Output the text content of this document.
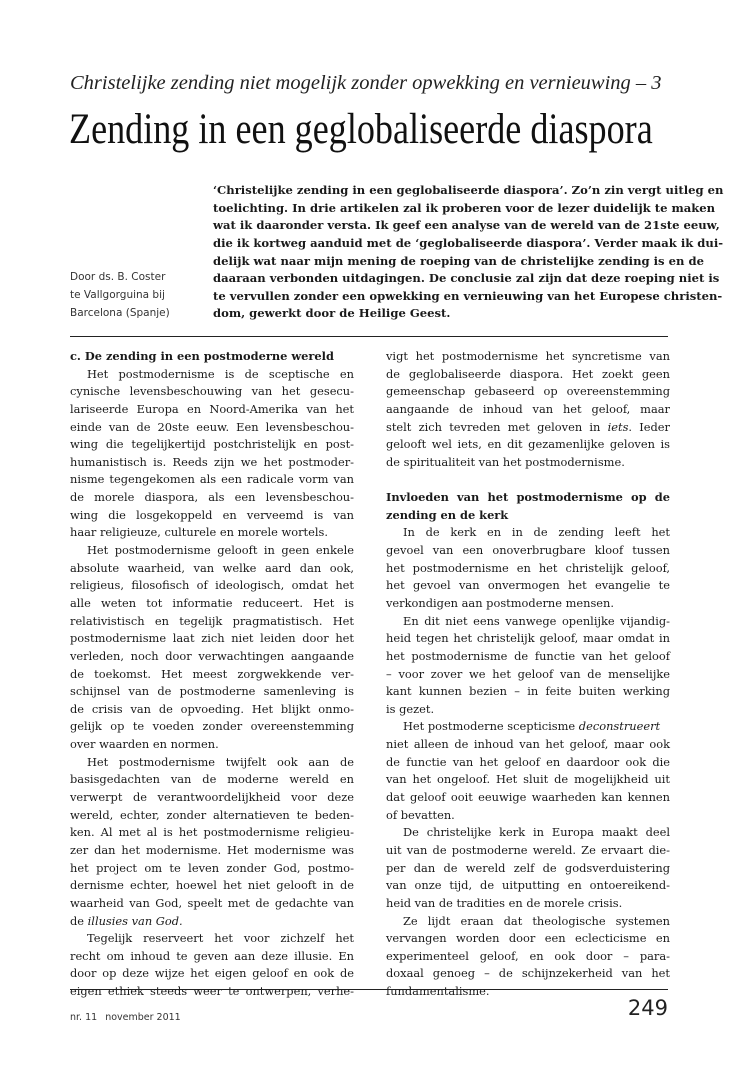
Christelijke zending niet mogelijk zonder opwekking en vernieuwing – 3
Zending in een geglobaliseerde diaspora
Door ds. B. Coster
te Vallgorguina bij
Barcelona (Spanje)
‘Christelijke zending in een geglobaliseerde diaspora’. Zo’n zin vergt uitleg en
toelichting. In drie artikelen zal ik proberen voor de lezer duidelijk te maken
wat ik daaronder versta. Ik geef een analyse van de wereld van de 21ste eeuw,
die ik kortweg aanduid met de ‘geglobaliseerde diaspora’. Verder maak ik dui-
delijk wat naar mijn mening de roeping van de christelijke zending is en de
daaraan verbonden uitdagingen. De conclusie zal zijn dat deze roeping niet is
te vervullen zonder een opwekking en vernieuwing van het Europese christen-
dom, gewerkt door de Heilige Geest.
c. De zending in een postmoderne wereld
Het postmodernisme is de sceptische en
cynische levensbeschouwing van het gesecu-
lariseerde Europa en Noord-Amerika van het
einde van de 20ste eeuw. Een levensbeschou-
wing die tegelijkertijd postchristelijk en post-
humanistisch is. Reeds zijn we het postmoder-
nisme tegengekomen als een radicale vorm van
de morele diaspora, als een levensbeschou-
wing die losgekoppeld en verveemd is van
haar religieuze, culturele en morele wortels.
Het postmodernisme gelooft in geen enkele
absolute waarheid, van welke aard dan ook,
religieus, filosofisch of ideologisch, omdat het
alle weten tot informatie reduceert. Het is
relativistisch en tegelijk pragmatistisch. Het
postmodernisme laat zich niet leiden door het
verleden, noch door verwachtingen aangaande
de toekomst. Het meest zorgwekkende ver-
schijnsel van de postmoderne samenleving is
de crisis van de opvoeding. Het blijkt onmo-
gelijk op te voeden zonder overeenstemming
over waarden en normen.
Het postmodernisme twijfelt ook aan de
basisgedachten van de moderne wereld en
verwerpt de verantwoordelijkheid voor deze
wereld, echter, zonder alternatieven te beden-
ken. Al met al is het postmodernisme religieu-
zer dan het modernisme. Het modernisme was
het project om te leven zonder God, postmo-
dernisme echter, hoewel het niet gelooft in de
waarheid van God, speelt met de gedachte van
de illusies van God.
Tegelijk reserveert het voor zichzelf het
recht om inhoud te geven aan deze illusie. En
door op deze wijze het eigen geloof en ook de
eigen ethiek steeds weer te ontwerpen, verhe-
vigt het postmodernisme het syncretisme van
de geglobaliseerde diaspora. Het zoekt geen
gemeenschap gebaseerd op overeenstemming
aangaande de inhoud van het geloof, maar
stelt zich tevreden met geloven in iets. Ieder
gelooft wel iets, en dit gezamenlijke geloven is
de spiritualiteit van het postmodernisme.
Invloeden van het postmodernisme op de
zending en de kerk
In de kerk en in de zending leeft het
gevoel van een onoverbrugbare kloof tussen
het postmodernisme en het christelijk geloof,
het gevoel van onvermogen het evangelie te
verkondigen aan postmoderne mensen.
En dit niet eens vanwege openlijke vijandig-
heid tegen het christelijk geloof, maar omdat in
het postmodernisme de functie van het geloof
– voor zover we het geloof van de menselijke
kant kunnen bezien – in feite buiten werking
is gezet.
Het postmoderne scepticisme deconstrueert
niet alleen de inhoud van het geloof, maar ook
de functie van het geloof en daardoor ook die
van het ongeloof. Het sluit de mogelijkheid uit
dat geloof ooit eeuwige waarheden kan kennen
of bevatten.
De christelijke kerk in Europa maakt deel
uit van de postmoderne wereld. Ze ervaart die-
per dan de wereld zelf de godsverduistering
van onze tijd, de uitputting en ontoereikend-
heid van de tradities en de morele crisis.
Ze lijdt eraan dat theologische systemen
vervangen worden door een eclecticisme en
experimenteel geloof, en ook door – para-
doxaal genoeg – de schijnzekerheid van het
fundamentalisme.
nr. 11 november 2011	249
